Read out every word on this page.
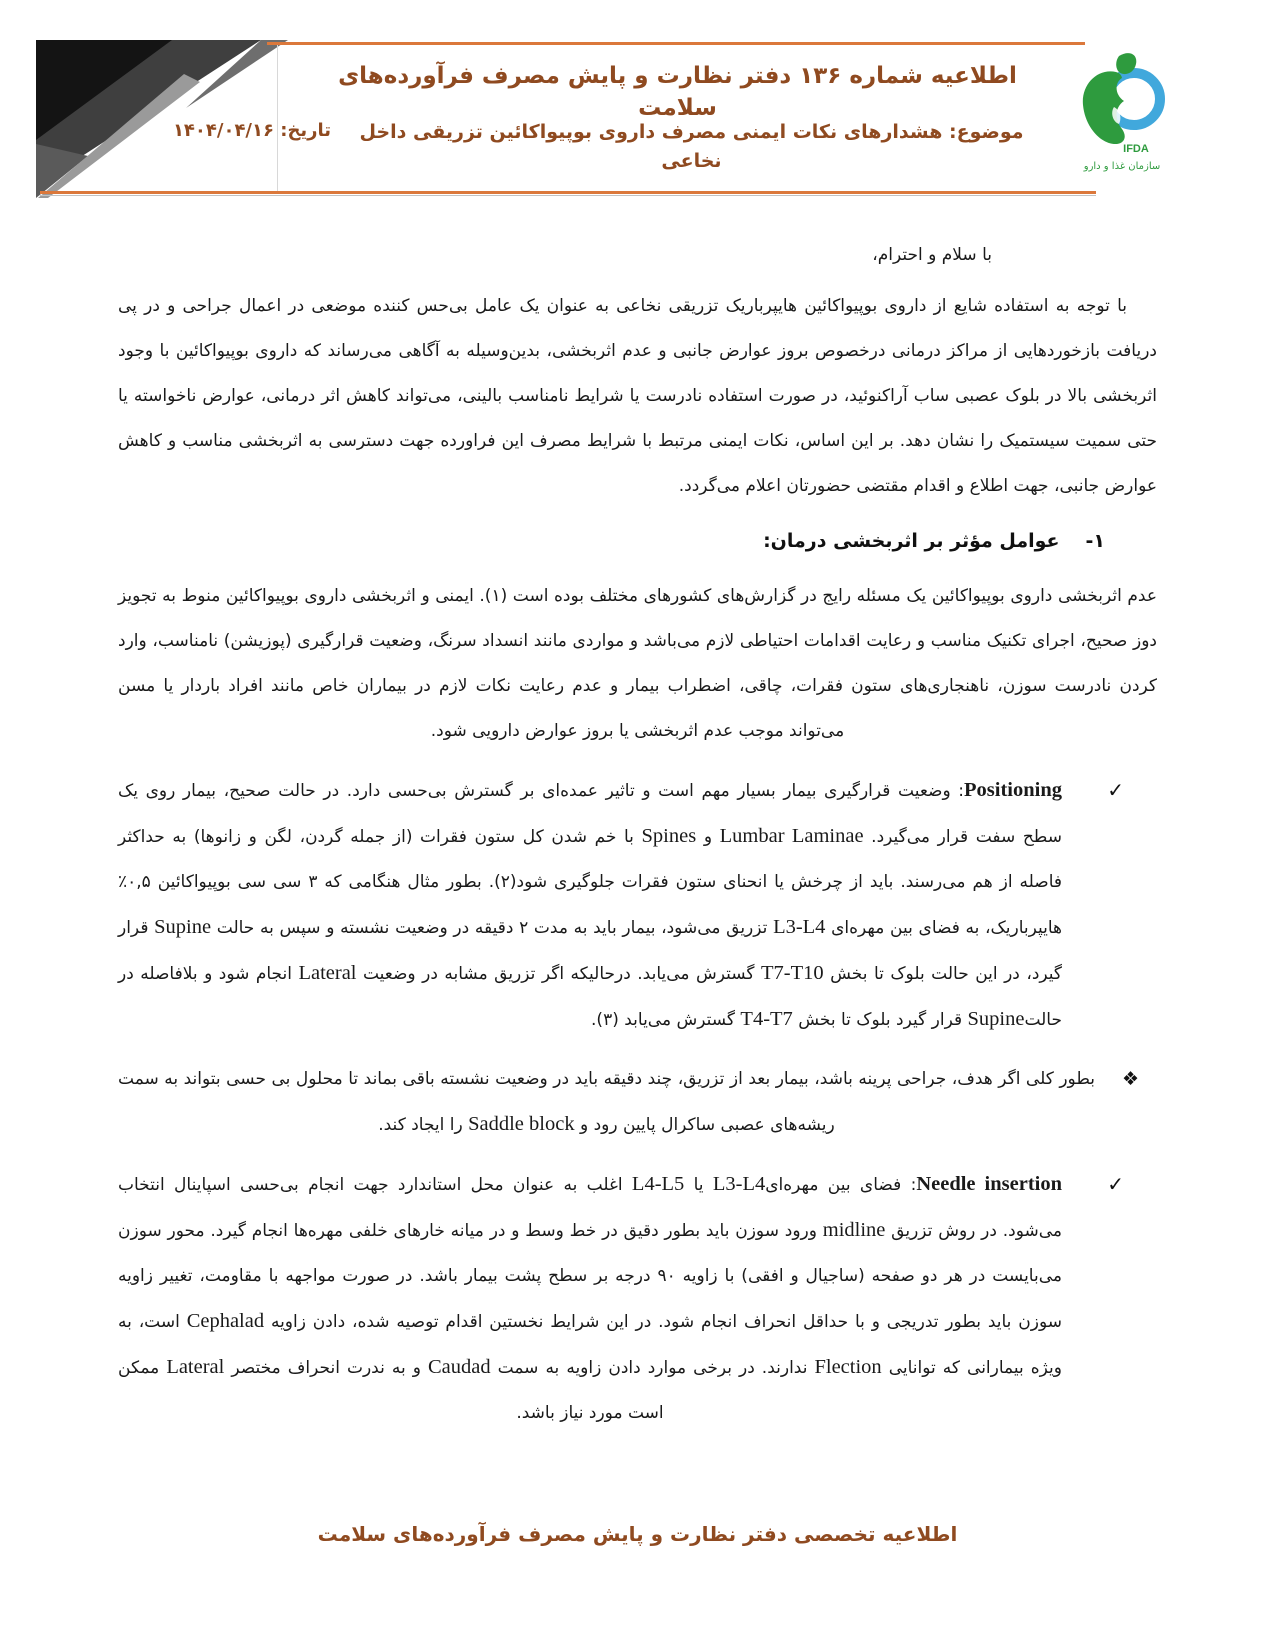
اطلاعیه شماره ۱۳۶ دفتر نظارت و پایش مصرف فرآورده‌های سلامت
موضوع: هشدارهای نکات ایمنی مصرف داروی بوپیواکائین تزریقی داخل نخاعی
تاریخ: ۱۴۰۴/۰۴/۱۶
IFDA
سازمان غذا و دارو

با سلام و احترام،

با توجه به استفاده شایع از داروی بوپیواکائین هایپرباریک تزریقی نخاعی به عنوان یک عامل بی‌حس کننده موضعی در اعمال جراحی و در پی دریافت بازخوردهایی از مراکز درمانی درخصوص بروز عوارض جانبی و عدم اثربخشی، بدین‌وسیله به آگاهی می‌رساند که داروی بوپیواکائین با وجود اثربخشی بالا در بلوک عصبی ساب آراکنوئید، در صورت استفاده نادرست یا شرایط نامناسب بالینی، می‌تواند کاهش اثر درمانی، عوارض ناخواسته یا حتی سمیت سیستمیک را نشان دهد. بر این اساس، نکات ایمنی مرتبط با شرایط مصرف این فراورده جهت دسترسی به اثربخشی مناسب و کاهش عوارض جانبی، جهت اطلاع و اقدام مقتضی حضورتان اعلام می‌گردد.

۱-عوامل مؤثر بر اثربخشی درمان:

عدم اثربخشی داروی بوپیواکائین یک مسئله رایج در گزارش‌های کشورهای مختلف بوده است (۱). ایمنی و اثربخشی داروی بوپیواکائین منوط به تجویز دوز صحیح، اجرای تکنیک مناسب و رعایت اقدامات احتیاطی لازم می‌باشد و مواردی مانند انسداد سرنگ، وضعیت قرارگیری (پوزیشن) نامناسب، وارد کردن نادرست سوزن، ناهنجاری‌های ستون فقرات، چاقی، اضطراب بیمار و عدم رعایت نکات لازم در بیماران خاص مانند افراد باردار یا مسن می‌تواند موجب عدم اثربخشی یا بروز عوارض دارویی شود.

✓

Positioning: وضعیت قرارگیری بیمار بسیار مهم است و تاثیر عمده‌ای بر گسترش بی‌حسی دارد. در حالت صحیح، بیمار روی یک سطح سفت قرار می‌گیرد. Lumbar Laminae و Spines با خم شدن کل ستون فقرات (از جمله گردن، لگن و زانوها) به حداکثر فاصله از هم می‌رسند. باید از چرخش یا انحنای ستون فقرات جلوگیری شود(۲). بطور مثال هنگامی که ۳ سی سی بوپیواکائین ۰,۵٪ هایپرباریک، به فضای بین مهره‌ای L3-L4 تزریق می‌شود، بیمار باید به مدت ۲ دقیقه در وضعیت نشسته و سپس به حالت Supine قرار گیرد، در این حالت بلوک تا بخش T7-T10 گسترش می‌یابد. درحالیکه اگر تزریق مشابه در وضعیت Lateral انجام شود و بلافاصله در حالتSupine قرار گیرد بلوک تا بخش T4-T7 گسترش می‌یابد (۳).

❖

بطور کلی اگر هدف، جراحی پرینه باشد، بیمار بعد از تزریق، چند دقیقه باید در وضعیت نشسته باقی بماند تا محلول بی حسی بتواند به سمت ریشه‌های عصبی ساکرال پایین رود و Saddle block را ایجاد کند.

✓

Needle insertion: فضای بین مهره‌ایL3-L4 یا L4-L5 اغلب به عنوان محل استاندارد جهت انجام بی‌حسی اسپاینال انتخاب می‌شود. در روش تزریق midline ورود سوزن باید بطور دقیق در خط وسط و در میانه خارهای خلفی مهره‌ها انجام گیرد. محور سوزن می‌بایست در هر دو صفحه (ساجیال و افقی) با زاویه ۹۰ درجه بر سطح پشت بیمار باشد. در صورت مواجهه با مقاومت، تغییر زاویه سوزن باید بطور تدریجی و با حداقل انحراف انجام شود. در این شرایط نخستین اقدام توصیه شده، دادن زاویه Cephalad است، به ویژه بیمارانی که توانایی Flection ندارند. در برخی موارد دادن زاویه به سمت Caudad و به ندرت انحراف مختصر Lateral ممکن است مورد نیاز باشد.

اطلاعیه تخصصی دفتر نظارت و پایش مصرف فرآورده‌های سلامت
